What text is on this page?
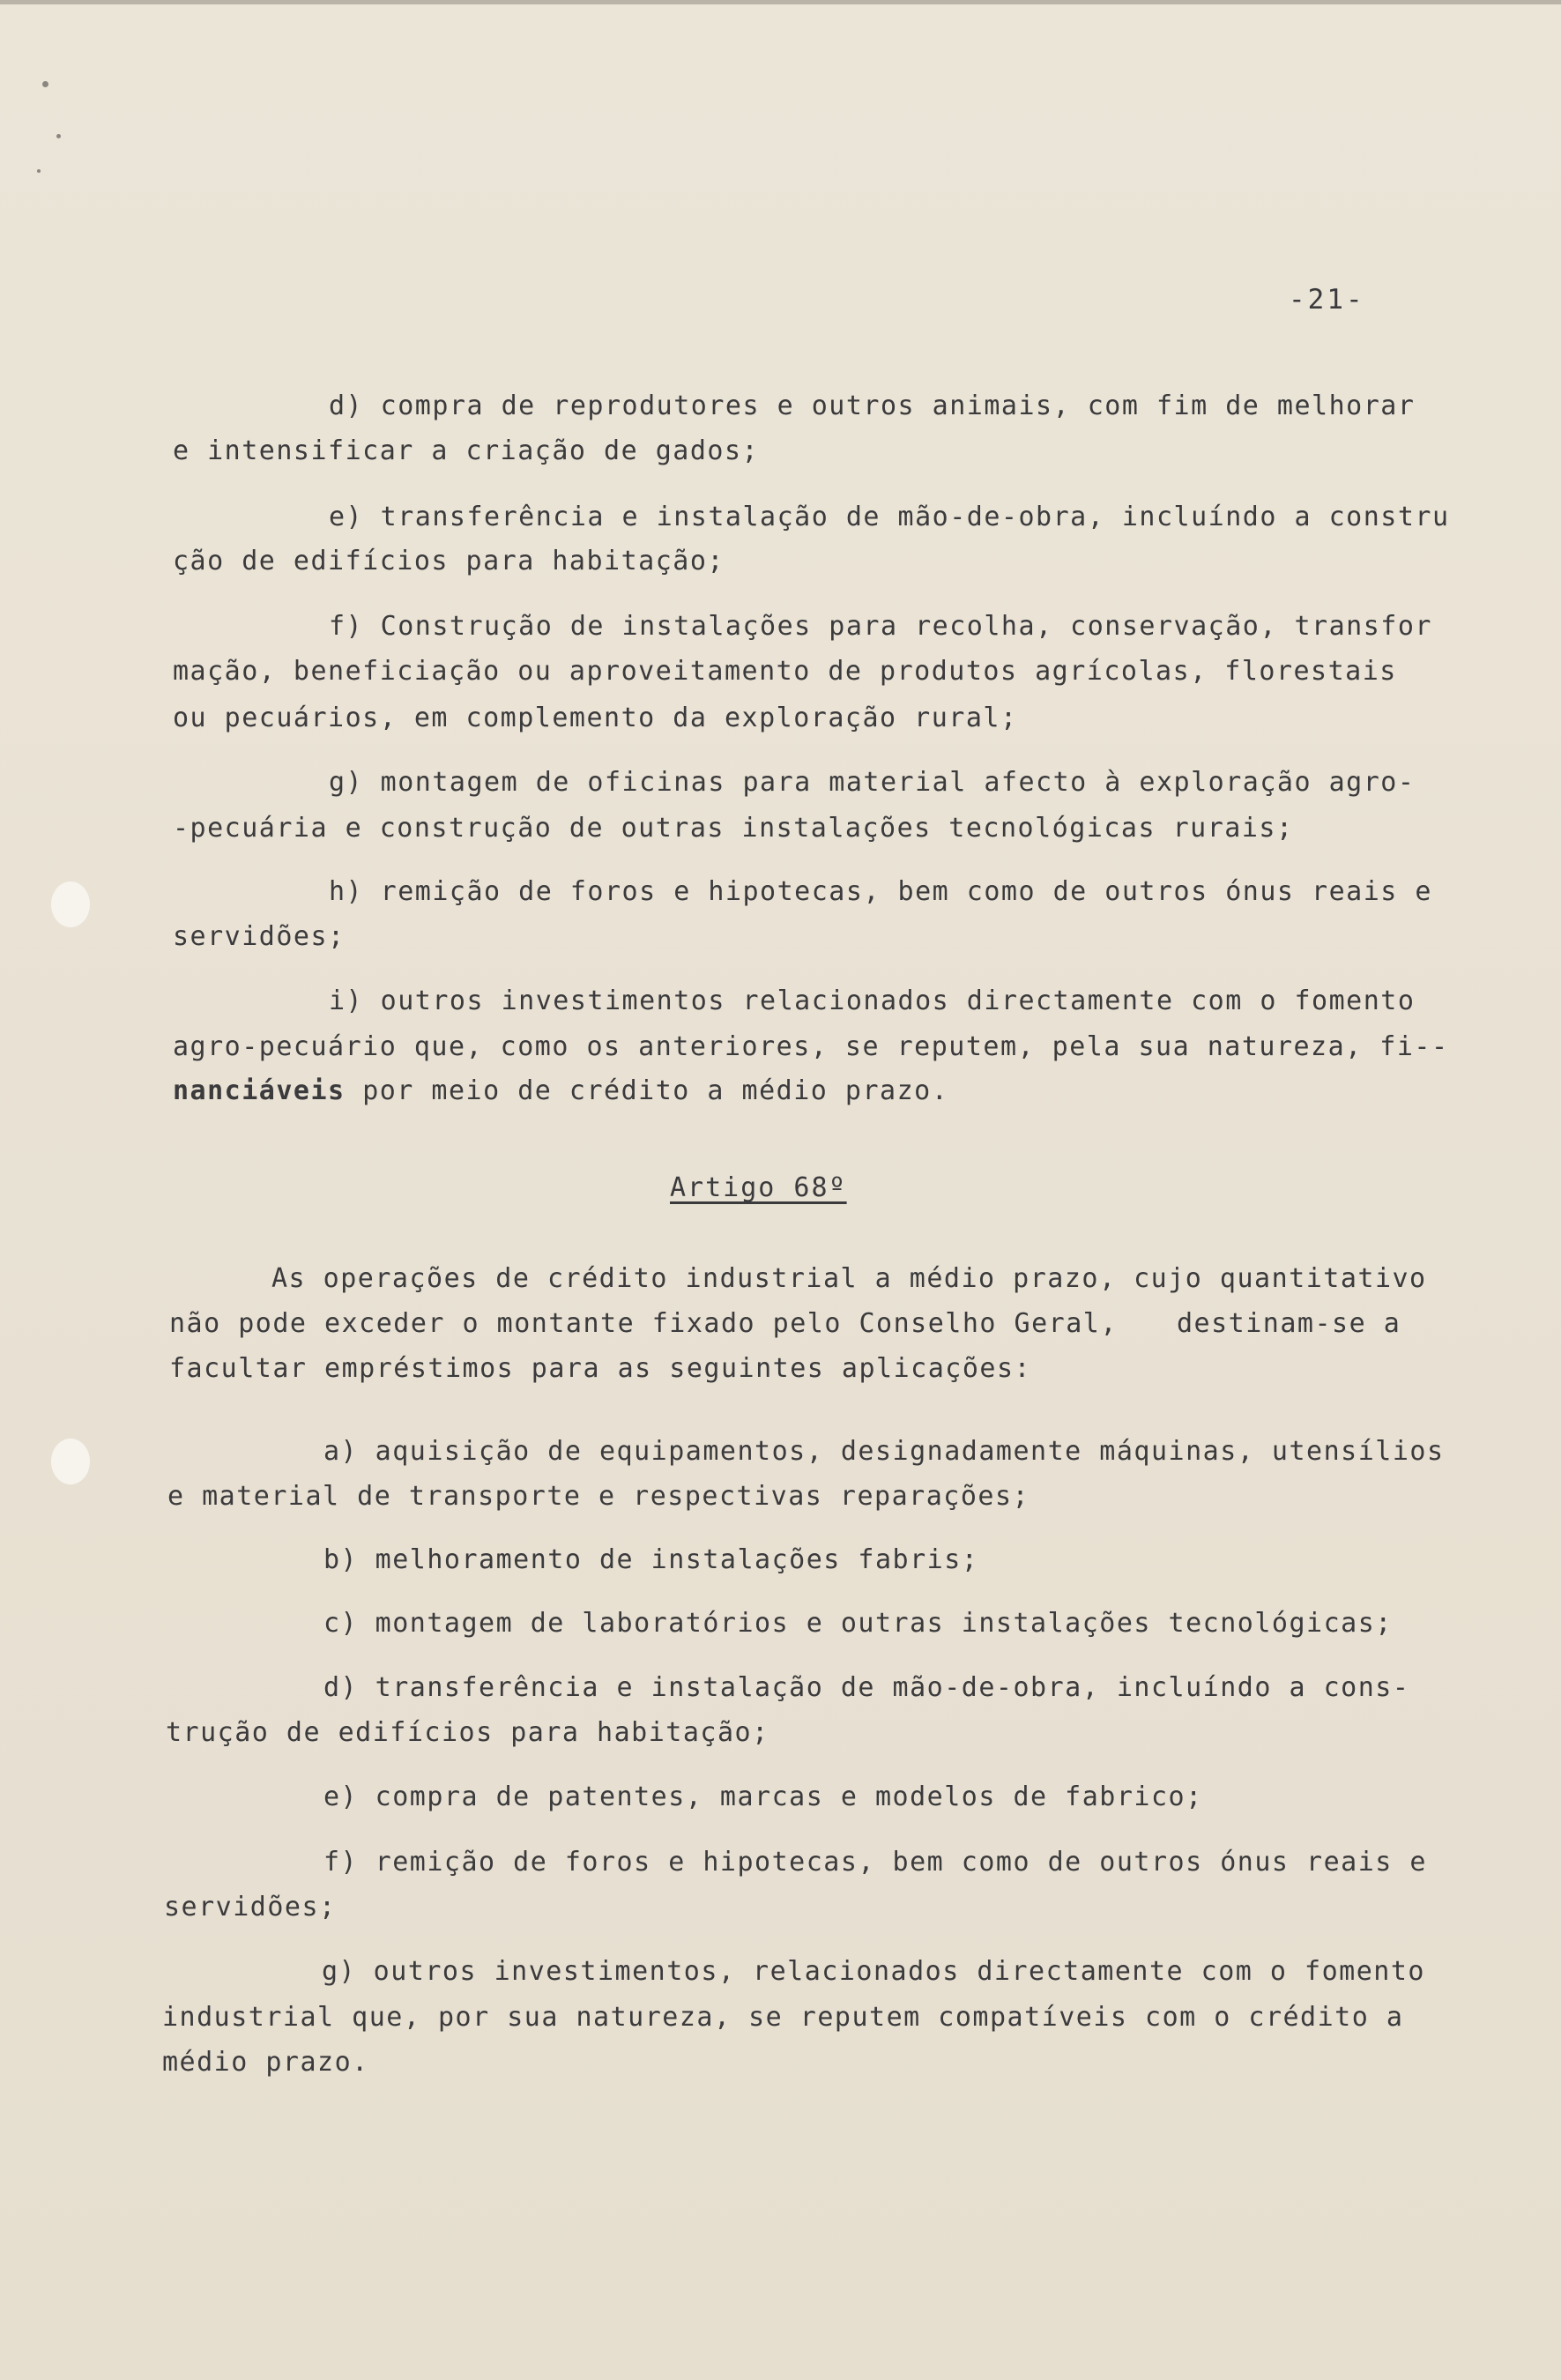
-21-
d) compra de reprodutores e outros animais, com fim de melhorar
e intensificar a criação de gados;
e) transferência e instalação de mão-de-obra, incluíndo a constru
ção de edifícios para habitação;
f) Construção de instalações para recolha, conservação, transfor
mação, beneficiação ou aproveitamento de produtos agrícolas, florestais
ou pecuários, em complemento da exploração rural;
g) montagem de oficinas para material afecto à exploração agro-
-pecuária e construção de outras instalações tecnológicas rurais;
h) remição de foros e hipotecas, bem como de outros ónus reais e
servidões;
i) outros investimentos relacionados directamente com o fomento
agro-pecuário que, como os anteriores, se reputem, pela sua natureza, fi--
nanciáveis por meio de crédito a médio prazo.
Artigo 68º
As operações de crédito industrial a médio prazo, cujo quantitativo
não pode exceder o montante fixado pelo Conselho Geral, destinam-se a
facultar empréstimos para as seguintes aplicações:
a) aquisição de equipamentos, designadamente máquinas, utensílios
e material de transporte e respectivas reparações;
b) melhoramento de instalações fabris;
c) montagem de laboratórios e outras instalações tecnológicas;
d) transferência e instalação de mão-de-obra, incluíndo a cons-
trução de edifícios para habitação;
e) compra de patentes, marcas e modelos de fabrico;
f) remição de foros e hipotecas, bem como de outros ónus reais e
servidões;
g) outros investimentos, relacionados directamente com o fomento
industrial que, por sua natureza, se reputem compatíveis com o crédito a
médio prazo.
